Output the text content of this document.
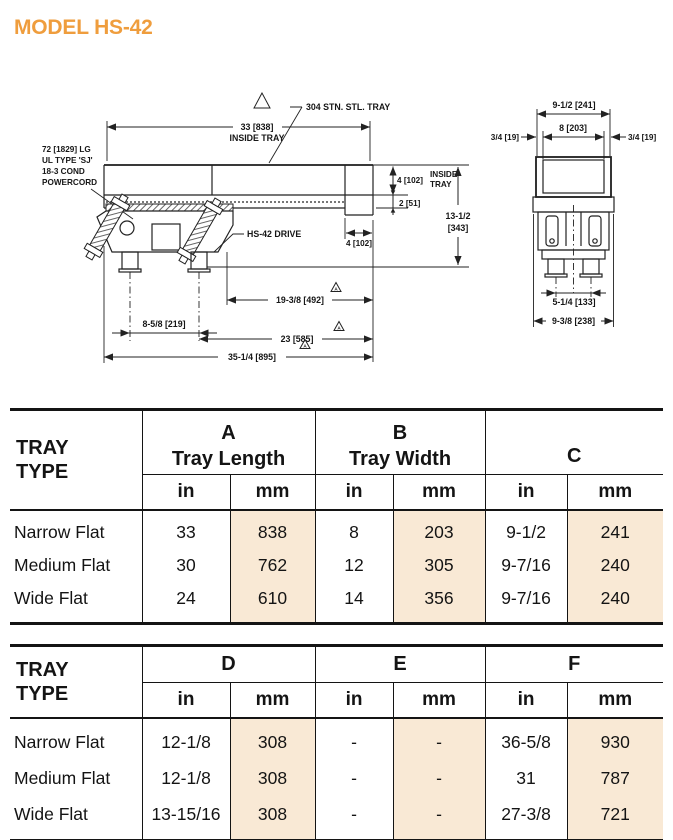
MODEL HS-42
33 [838]
INSIDE TRAY
304 STN. STL. TRAY
72 [1829] LG
UL TYPE 'SJ'
18-3 COND
POWERCORD	4 [102]
INSIDE
TRAY
2 [51]
13-1/2
[343]
4 [102]
19-3/8 [492]
A
8-5/8 [219]
23 [585]
A
35-1/4 [895]
A
HS-42 DRIVE
9-1/2 [241]
8 [203]
3/4 [19]	3/4 [19]
5-1/4 [133]
9-3/8 [238]
TRAY
TYPE

A
Tray Length

B
Tray Width	C

	in	mm	in	mm	in	mm
Narrow Flat	33	838	8	203	9-1/2	241
Medium Flat	30	762	12	305	9-7/16	240
Wide Flat	24	610	14	356	9-7/16	240
TRAY
TYPE	D		E		F	

	in	mm	in	mm	in	mm
Narrow Flat	12-1/8	308	-	-	36-5/8	930
Medium Flat	12-1/8	308	-	-	31	787
Wide Flat	13-15/16	308	-	-	27-3/8	721
